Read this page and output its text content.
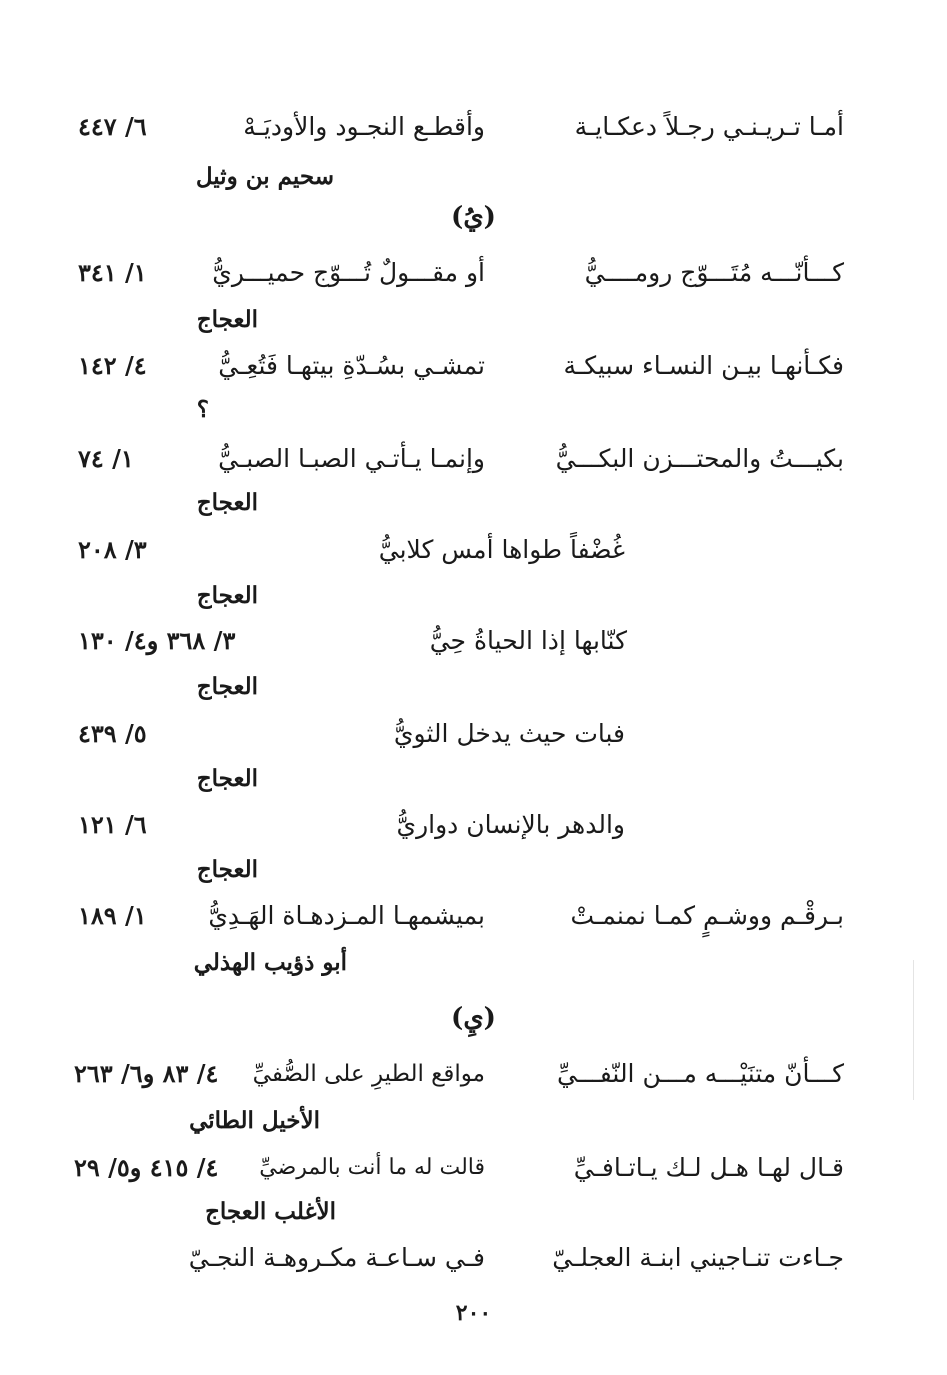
أمـا تـريـنـي رجـلاً دعكـايـة
وأقطـع النجـود والأوديَـهْ
٦/ ٤٤٧
سحيم بن وثيل
(يُ)
كـــأنّـــه مُتَـــوّج رومــــيُّ
أو مقـــولٌ تُـــوّج حميـــريُّ
١/ ٣٤١
العجاج
فكـأنهـا بيـن النسـاء سبيكـة
تمشـي بسُـدّةِ بيتهـا فَتُعِـيُّ
٤/ ١٤٢
؟
بكيـــتُ والمحتـــزن البكـــيُّ
وإنمـا يـأتـي الصبـا الصبـيُّ
١/ ٧٤
العجاج
غُضْفاً طواها أمس كلابيُّ
٣/ ٢٠٨
العجاج
كنّابها إذا الحياةُ حِيُّ
٣/ ٣٦٨ و٤/ ١٣٠
العجاج
فبات حيث يدخل الثويُّ
٥/ ٤٣٩
العجاج
والدهر بالإنسان دواريُّ
٦/ ١٢١
العجاج
بـرقْـم ووشـمٍ كمـا نمنمـتْ
بميشمهـا المـزدهـاة الهَـدِيُّ
١/ ١٨٩
أبو ذؤيب الهذلي
(يِ)
كـــأنّ متنَيْـــه مـــن النّفـــيِّ
مواقع الطيرِ على الصُّفيِّ
٤/ ٨٣ و٦/ ٢٦٣
الأخيل الطائي
قـال لهـا هـل لـك يـاتـافـيِّ
قالت له ما أنت بالمرضيِّ
٤/ ٤١٥ و٥/ ٢٩
الأغلب العجاج
جـاءت تنـاجيني ابنـة العجلـيّ
فـي سـاعـة مكـروهـة النجـيّ
٢٠٠
